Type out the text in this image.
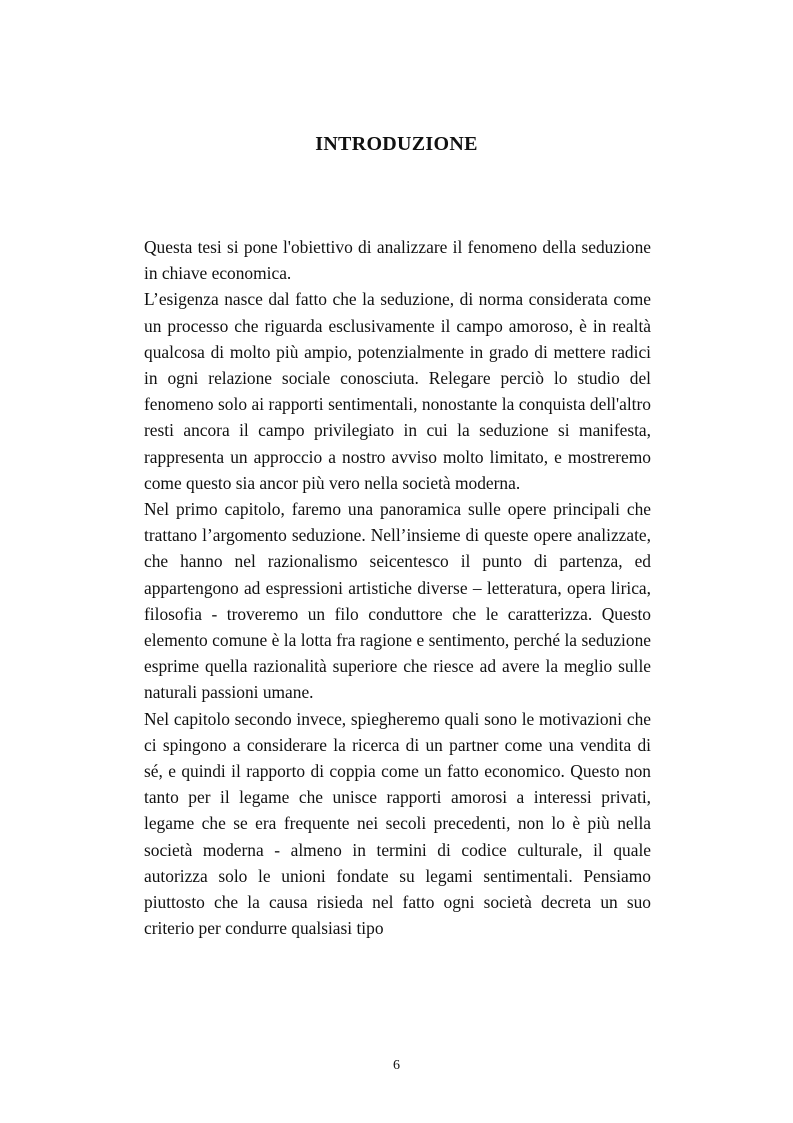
INTRODUZIONE

Questa tesi si pone l'obiettivo di analizzare il fenomeno della seduzione in chiave economica.

L’esigenza nasce dal fatto che la seduzione, di norma considerata come un processo che riguarda esclusivamente il campo amoroso, è in realtà qualcosa di molto più ampio, potenzialmente in grado di mettere radici in ogni relazione sociale conosciuta. Relegare perciò lo studio del fenomeno solo ai rapporti sentimentali, nonostante la conquista dell'altro resti ancora il campo privilegiato in cui la seduzione si manifesta, rappresenta un approccio a nostro avviso molto limitato, e mostreremo come questo sia ancor più vero nella società moderna.

Nel primo capitolo, faremo una panoramica sulle opere principali che trattano l’argomento seduzione. Nell’insieme di queste opere analizzate, che hanno nel razionalismo seicentesco il punto di partenza, ed appartengono ad espressioni artistiche diverse – letteratura, opera lirica, filosofia - troveremo un filo conduttore che le caratterizza. Questo elemento comune è la lotta fra ragione e sentimento, perché la seduzione esprime quella razionalità superiore che riesce ad avere la meglio sulle naturali passioni umane.

Nel capitolo secondo invece, spiegheremo quali sono le motivazioni che ci spingono a considerare la ricerca di un partner come una vendita di sé, e quindi il rapporto di coppia come un fatto economico. Questo non tanto per il legame che unisce rapporti amorosi a interessi privati, legame che se era frequente nei secoli precedenti, non lo è più nella società moderna - almeno in termini di codice culturale, il quale autorizza solo le unioni fondate su legami sentimentali. Pensiamo piuttosto che la causa risieda nel fatto ogni società decreta un suo criterio per condurre qualsiasi tipo

6
